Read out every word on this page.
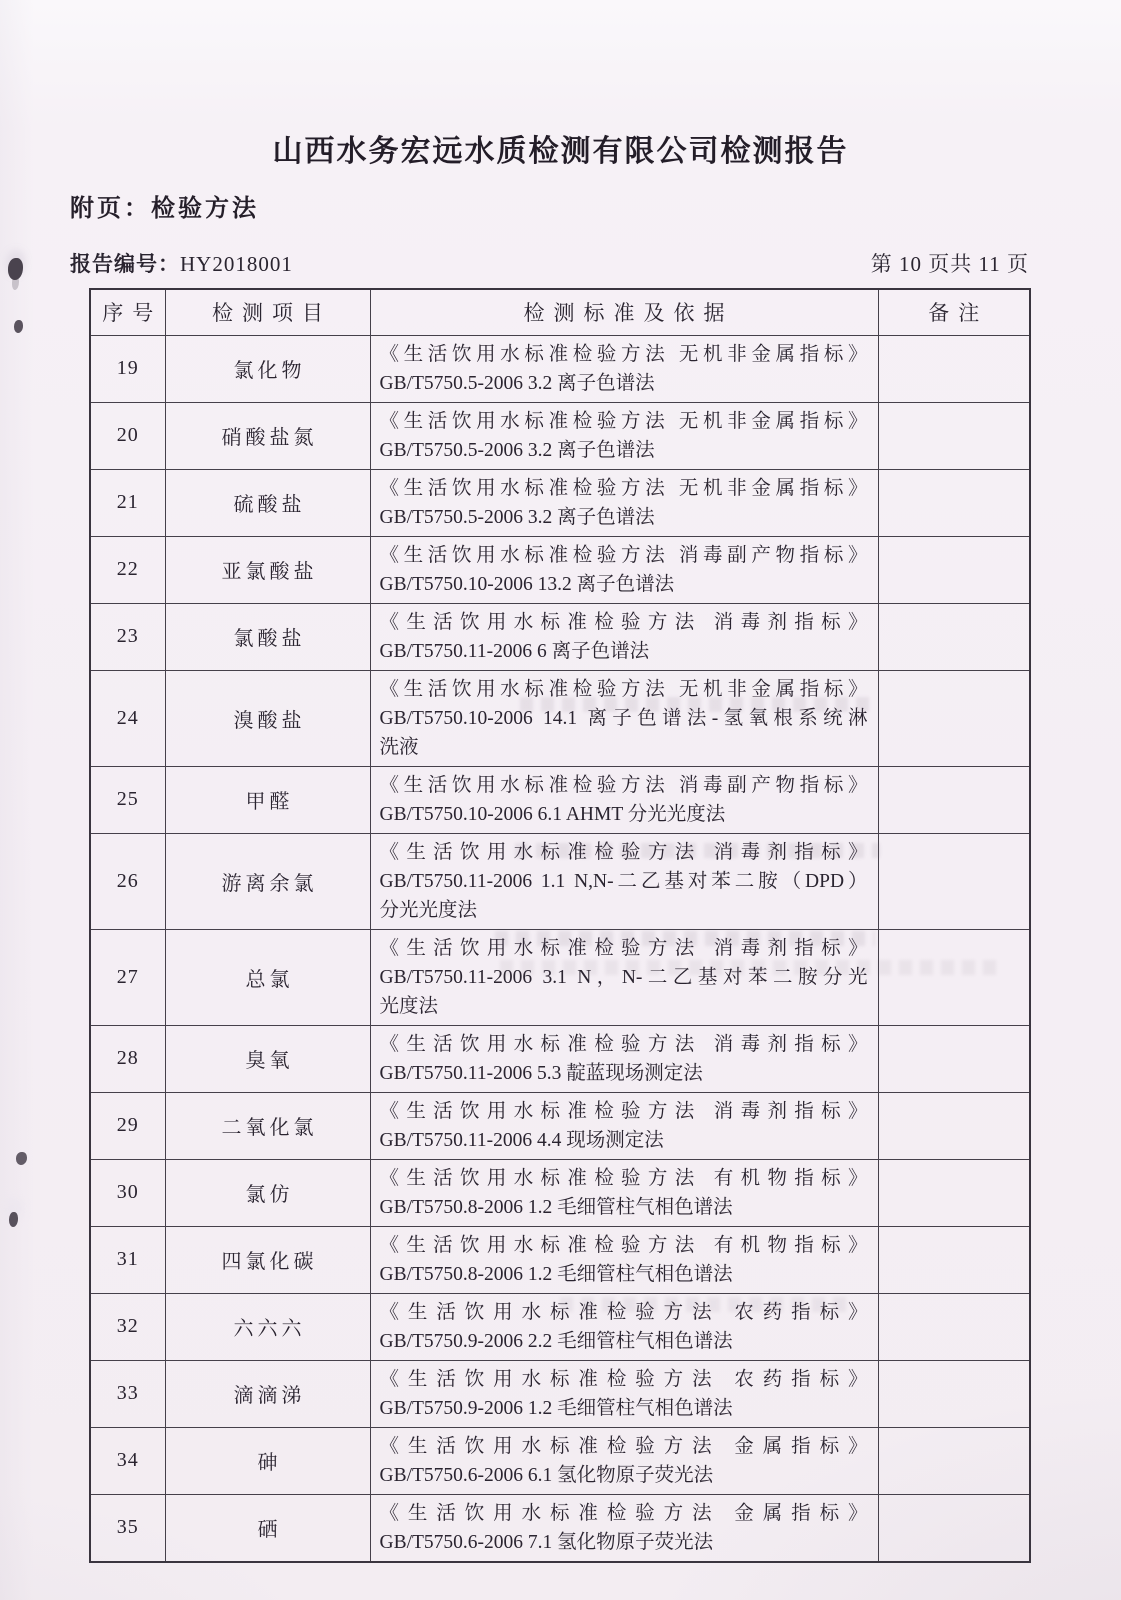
山西水务宏远水质检测有限公司检测报告
附页：检验方法
报告编号：HY2018001	第 10 页共 11 页
序号	检测项目	检测标准及依据	备注
19	氯化物	《生活饮用水标准检验方法 无机非金属指标》
GB/T5750.5-2006 3.2 离子色谱法	

20	硝酸盐氮	《生活饮用水标准检验方法 无机非金属指标》
GB/T5750.5-2006 3.2 离子色谱法	

21	硫酸盐	《生活饮用水标准检验方法 无机非金属指标》
GB/T5750.5-2006 3.2 离子色谱法	

22	亚氯酸盐	《生活饮用水标准检验方法 消毒副产物指标》
GB/T5750.10-2006 13.2 离子色谱法	

23	氯酸盐	《生活饮用水标准检验方法 消毒剂指标》
GB/T5750.11-2006 6 离子色谱法	

24	溴酸盐	《生活饮用水标准检验方法 无机非金属指标》
GB/T5750.10-2006 14.1 离子色谱法-氢氧根系统淋
洗液	

25	甲醛	《生活饮用水标准检验方法 消毒副产物指标》
GB/T5750.10-2006 6.1 AHMT 分光光度法	

26	游离余氯	《生活饮用水标准检验方法 消毒剂指标》
GB/T5750.11-2006 1.1 N,N-二乙基对苯二胺（DPD）
分光光度法	

27	总氯	《生活饮用水标准检验方法 消毒剂指标》
GB/T5750.11-2006 3.1 N，N-二乙基对苯二胺分光
光度法	

28	臭氧	《生活饮用水标准检验方法 消毒剂指标》
GB/T5750.11-2006 5.3 靛蓝现场测定法	

29	二氧化氯	《生活饮用水标准检验方法 消毒剂指标》
GB/T5750.11-2006 4.4 现场测定法	

30	氯仿	《生活饮用水标准检验方法 有机物指标》
GB/T5750.8-2006 1.2 毛细管柱气相色谱法	

31	四氯化碳	《生活饮用水标准检验方法 有机物指标》
GB/T5750.8-2006 1.2 毛细管柱气相色谱法	

32	六六六	《生活饮用水标准检验方法 农药指标》
GB/T5750.9-2006 2.2 毛细管柱气相色谱法	

33	滴滴涕	《生活饮用水标准检验方法 农药指标》
GB/T5750.9-2006 1.2 毛细管柱气相色谱法	

34	砷	《生活饮用水标准检验方法 金属指标》
GB/T5750.6-2006 6.1 氢化物原子荧光法	

35	硒	《生活饮用水标准检验方法 金属指标》
GB/T5750.6-2006 7.1 氢化物原子荧光法	
